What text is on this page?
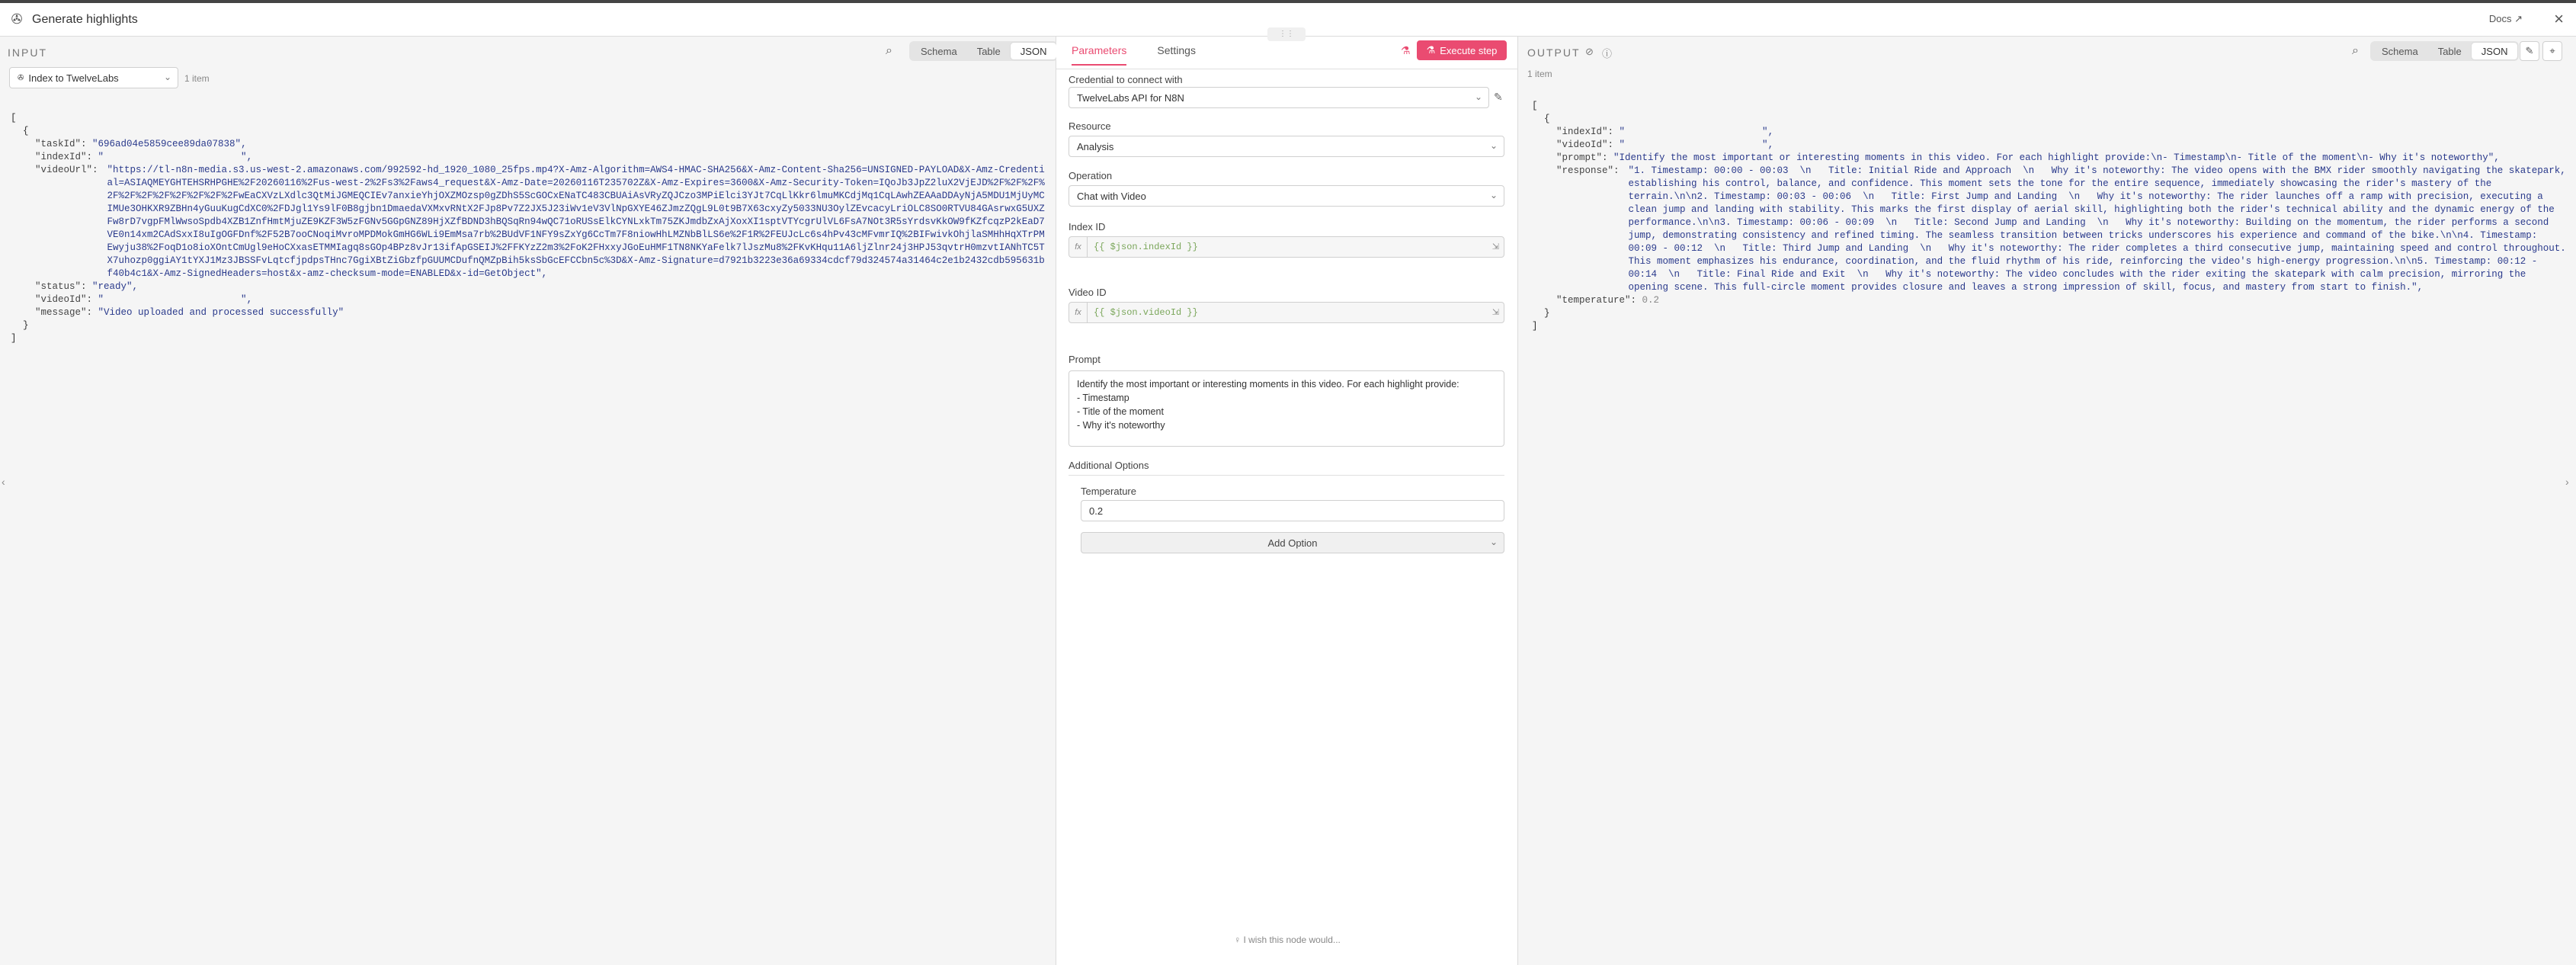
✇ Generate highlights	Docs ↗ ×
INPUT	⌕	Schema	Table	JSON
✇ Index to TwelveLabs	⌄ 1 item

[
{
"taskId": "696ad04e5859cee89da07838",
"indexId": "                        ",
"videoUrl": "https://tl-n8n-media.s3.us-west-2.amazonaws.com/992592-hd_1920_1080_25fps.mp4?X-Amz-Algorithm=AWS4-HMAC-SHA256&X-Amz-Content-Sha256=UNSIGNED-PAYLOAD&X-Amz-Credential=ASIAQMEYGHTEHSRHPGHE%2F20260116%2Fus-west-2%2Fs3%2Faws4_request&X-Amz-Date=20260116T235702Z&X-Amz-Expires=3600&X-Amz-Security-Token=IQoJb3JpZ2luX2VjEJD%2F%2F%2F%2F%2F%2F%2F%2F%2F%2F%2FwEaCXVzLXdlc3QtMiJGMEQCIEv7anxieYhjOXZMOzsp0gZDhS5ScGOCxENaTC483CBUAiAsVRyZQJCzo3MPiElci3YJt7CqLlKkr6lmuMKCdjMq1CqLAwhZEAAaDDAyNjA5MDU1MjUyMCIMUe3OHKXR9ZBHn4yGuuKugCdXC0%2FDJgl1Ys9lF0B8gjbn1DmaedaVXMxvRNtX2FJp8Pv7Z2JX5J23iWv1eV3VlNpGXYE46ZJmzZQgL9L0t9B7X63cxyZy5033NU3OylZEvcacyLriOLC8SO0RTVU84GAsrwxG5UXZFw8rD7vgpFMlWwsoSpdb4XZB1ZnfHmtMjuZE9KZF3W5zFGNv5GGpGNZ89HjXZfBDND3hBQSqRn94wQC71oRUSsElkCYNLxkTm75ZKJmdbZxAjXoxXI1sptVTYcgrUlVL6FsA7NOt3R5sYrdsvKkOW9fKZfcqzP2kEaD7VE0n14xm2CAdSxxI8uIgOGFDnf%2F52B7ooCNoqiMvroMPDMokGmHG6WLi9EmMsa7rb%2BUdVF1NFY9sZxYg6CcTm7F8niowHhLMZNbBlLS6e%2F1R%2FEUJcLc6s4hPv43cMFvmrIQ%2BIFwivkOhjlaSMHhHqXTrPMEwyju38%2FoqD1o8ioXOntCmUgl9eHoCXxasETMMIagq8sGOp4BPz8vJr13ifApGSEIJ%2FFKYzZ2m3%2FoK2FHxxyJGoEuHMF1TN8NKYaFelk7lJszMu8%2FKvKHqu11A6ljZlnr24j3HPJ53qvtrH0mzvtIANhTC5TX7uhozp0ggiAY1tYXJ1Mz3JBSSFvLqtcfjpdpsTHnc7GgiXBtZiGbzfpGUUMCDufnQMZpBih5ksSbGcEFCCbn5c%3D&X-Amz-Signature=d7921b3223e36a69334cdcf79d324574a31464c2e1b2432cdb595631bf40b4c1&X-Amz-SignedHeaders=host&x-amz-checksum-mode=ENABLED&x-id=GetObject",
"status": "ready",
"videoId": "                        ",
"message": "Video uploaded and processed successfully"
}
]

‹
⋮⋮
Parameters	Settings	⚗ ⚗ Execute step
Credential to connect with
TwelveLabs API for N8N	⌄ ✎
Resource
Analysis	⌄
Operation
Chat with Video	⌄
Index ID
fx	{{ $json.indexId }}	⇲
Video ID
fx	{{ $json.videoId }}	⇲
Prompt
Identify the most important or interesting moments in this video. For each highlight provide:
- Timestamp
- Title of the moment
- Why it's noteworthy
Additional Options
Temperature
0.2
Add Option	⌄
♀ I wish this node would...
OUTPUT ⊘ ⓘ
1 item
⌕	Schema	Table	JSON	✎	⌖

[
{
"indexId": "                        ",
"videoId": "                        ",
"prompt": "Identify the most important or interesting moments in this video. For each highlight provide:\n- Timestamp\n- Title of the moment\n- Why it's noteworthy",
"response": "1. Timestamp: 00:00 - 00:03  \n   Title: Initial Ride and Approach  \n   Why it's noteworthy: The video opens with the BMX rider smoothly navigating the skatepark, establishing his control, balance, and confidence. This moment sets the tone for the entire sequence, immediately showcasing the rider's mastery of the terrain.\n\n2. Timestamp: 00:03 - 00:06  \n   Title: First Jump and Landing  \n   Why it's noteworthy: The rider launches off a ramp with precision, executing a clean jump and landing with stability. This marks the first display of aerial skill, highlighting both the rider's technical ability and the dynamic energy of the performance.\n\n3. Timestamp: 00:06 - 00:09  \n   Title: Second Jump and Landing  \n   Why it's noteworthy: Building on the momentum, the rider performs a second jump, demonstrating consistency and refined timing. The seamless transition between tricks underscores his experience and command of the bike.\n\n4. Timestamp: 00:09 - 00:12  \n   Title: Third Jump and Landing  \n   Why it's noteworthy: The rider completes a third consecutive jump, maintaining speed and control throughout. This moment emphasizes his endurance, coordination, and the fluid rhythm of his ride, reinforcing the video's high-energy progression.\n\n5. Timestamp: 00:12 - 00:14  \n   Title: Final Ride and Exit  \n   Why it's noteworthy: The video concludes with the rider exiting the skatepark with calm precision, mirroring the opening scene. This full-circle moment provides closure and leaves a strong impression of skill, focus, and mastery from start to finish.",
"temperature": 0.2
}
]

›
